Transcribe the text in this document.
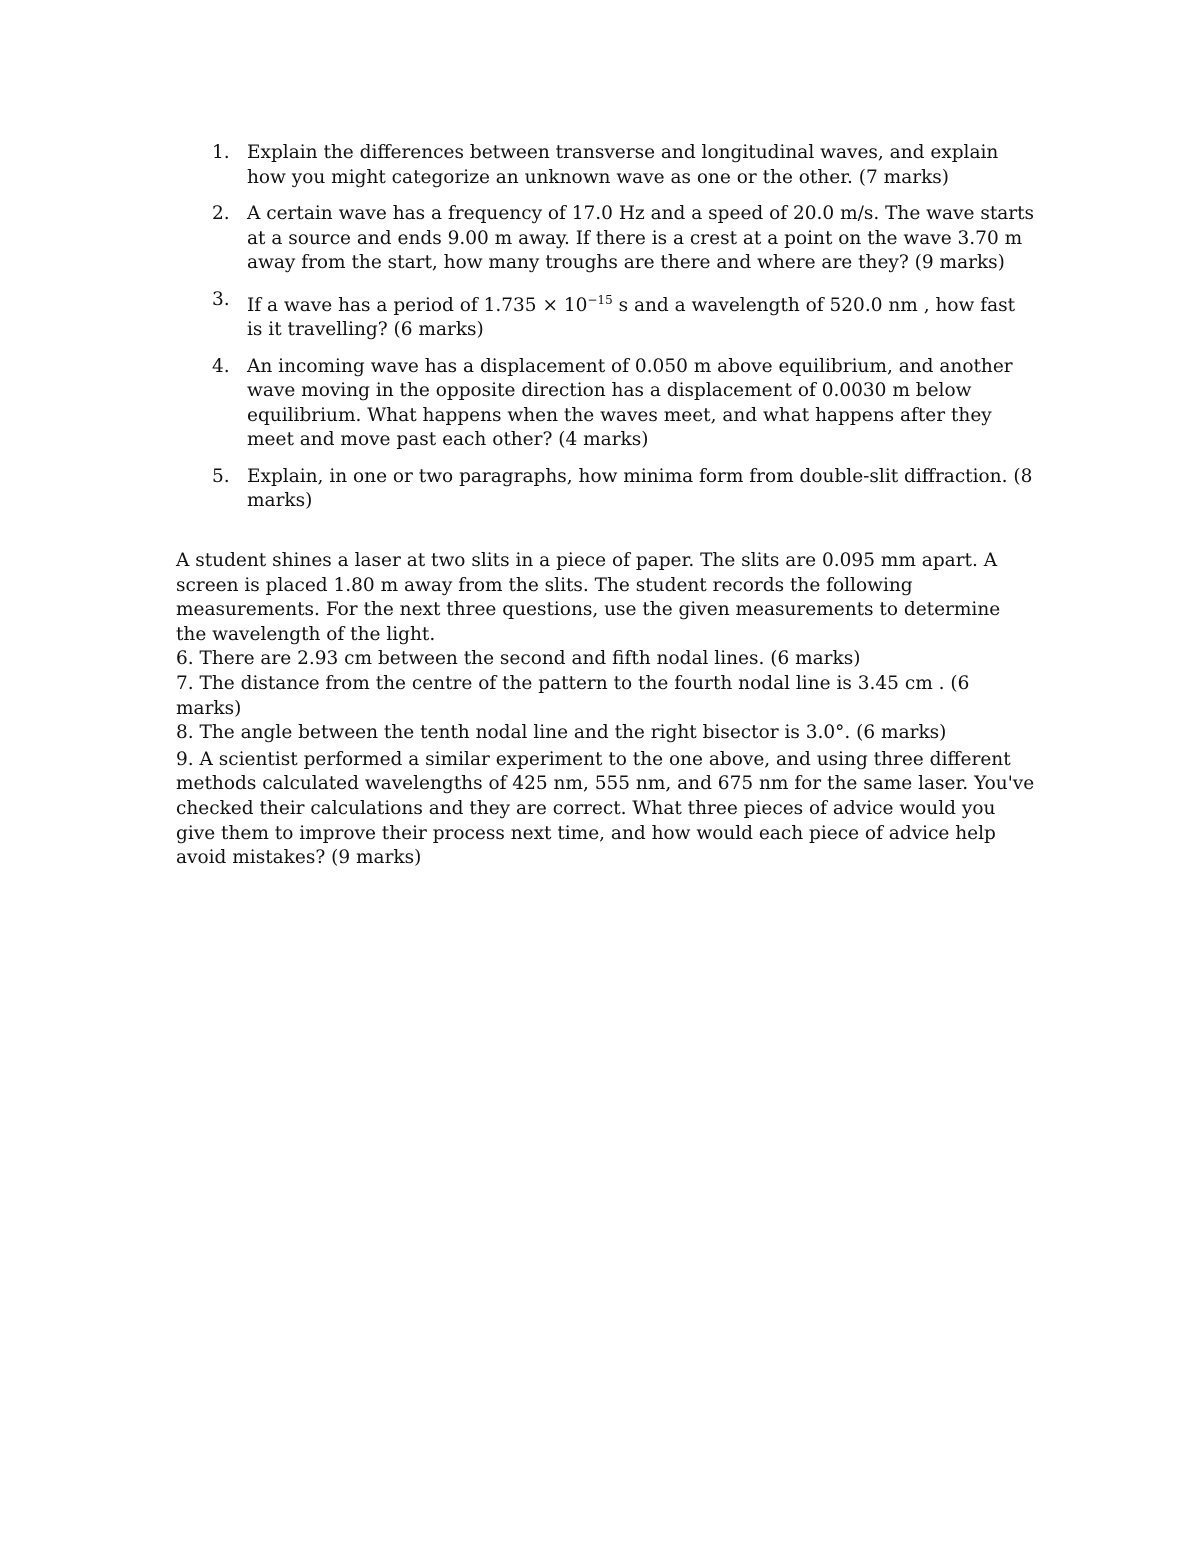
1. Explain the differences between transverse and longitudinal waves, and explain how you might categorize an unknown wave as one or the other. (7 marks)
2. A certain wave has a frequency of 17.0 Hz and a speed of 20.0 m/s. The wave starts at a source and ends 9.00 m away. If there is a crest at a point on the wave 3.70 m away from the start, how many troughs are there and where are they? (9 marks)
3. If a wave has a period of $1.735 \times 10^{-15}$ s and a wavelength of 520.0 nm , how fast is it travelling? (6 marks)
4. An incoming wave has a displacement of 0.050 m above equilibrium, and another wave moving in the opposite direction has a displacement of 0.0030 m below equilibrium. What happens when the waves meet, and what happens after they meet and move past each other? (4 marks)
5. Explain, in one or two paragraphs, how minima form from double-slit diffraction. (8 marks)

A student shines a laser at two slits in a piece of paper. The slits are 0.095 mm apart. A screen is placed 1.80 m away from the slits. The student records the following measurements. For the next three questions, use the given measurements to determine the wavelength of the light.

6. There are 2.93 cm between the second and fifth nodal lines. (6 marks)

7. The distance from the centre of the pattern to the fourth nodal line is 3.45 cm . (6 marks)

8. The angle between the tenth nodal line and the right bisector is 3.0°. (6 marks)

9. A scientist performed a similar experiment to the one above, and using three different methods calculated wavelengths of 425 nm, 555 nm, and 675 nm for the same laser. You've checked their calculations and they are correct. What three pieces of advice would you give them to improve their process next time, and how would each piece of advice help avoid mistakes? (9 marks)
